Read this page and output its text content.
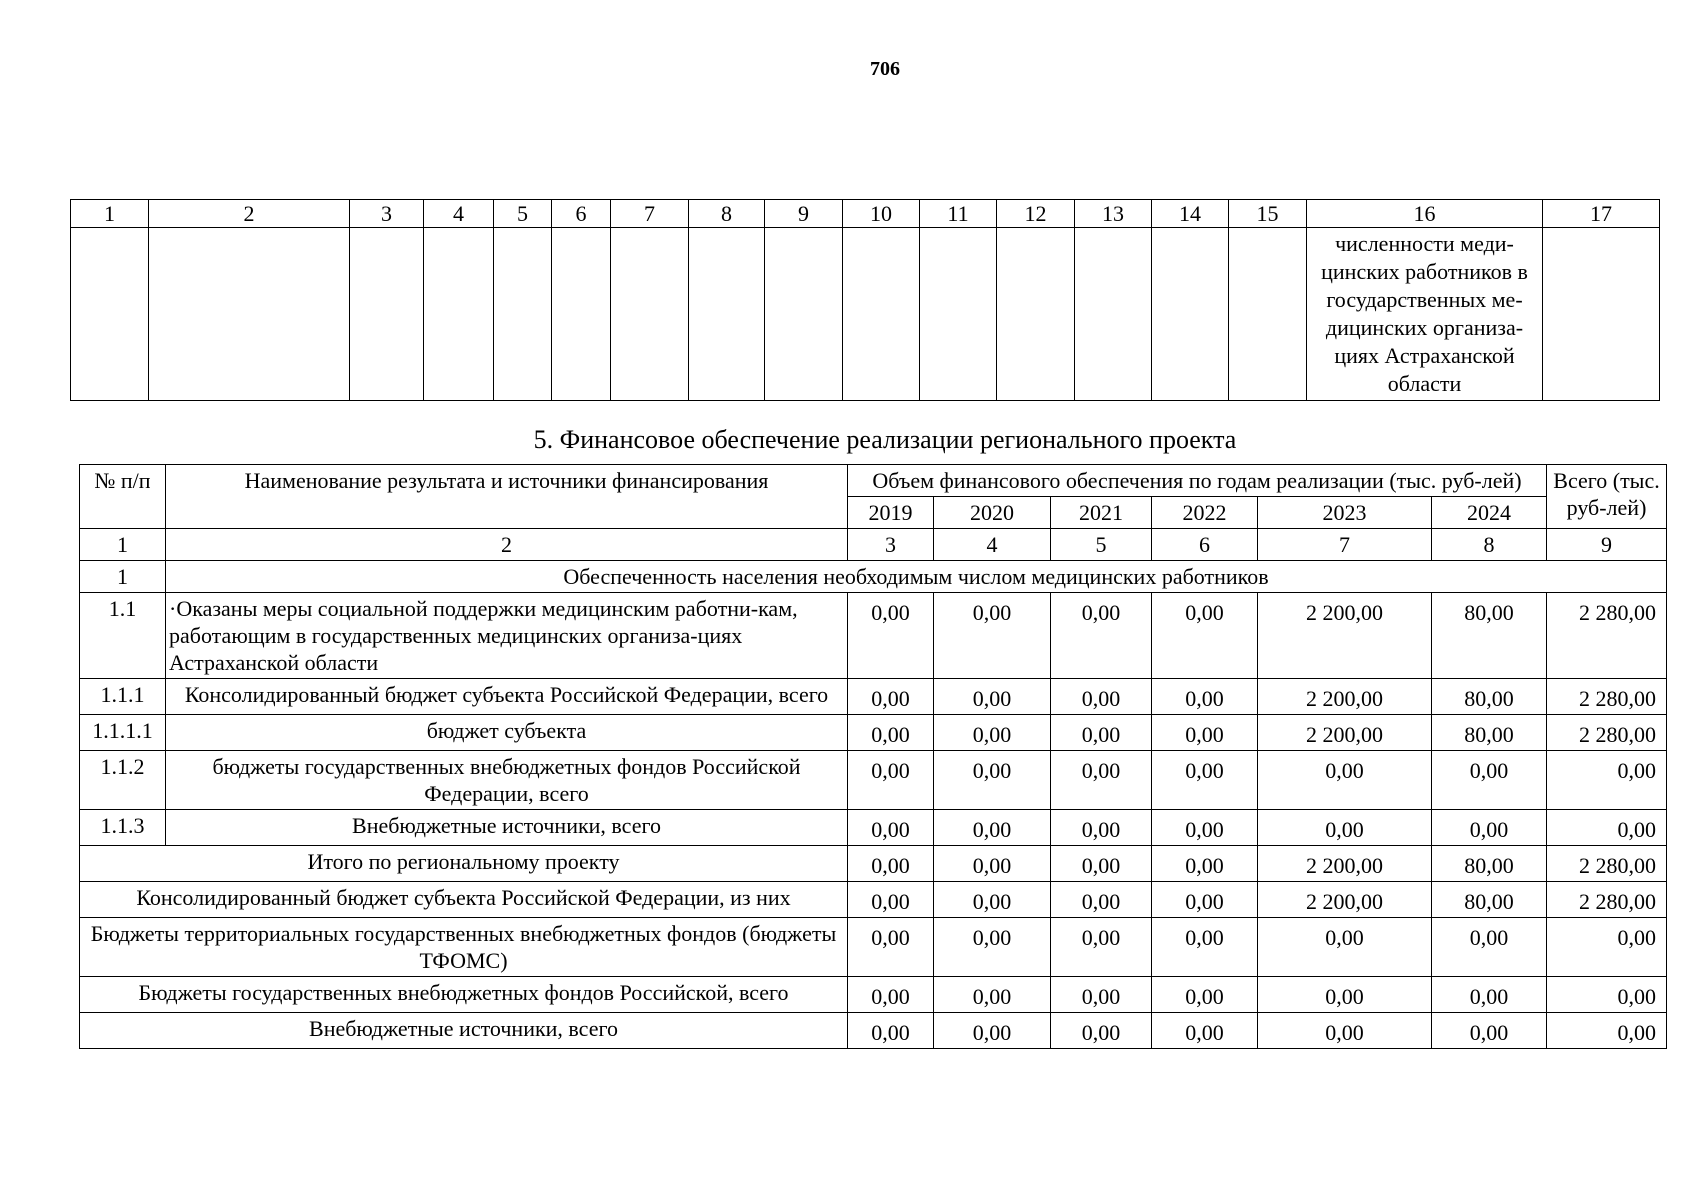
706
1	2	3	4	5	6	7	8	9	10	11	12	13	14	15	16	17
															численности меди-цинских работников в государственных ме-дицинских организа-циях Астраханской области	
5. Финансовое обеспечение реализации регионального проекта
№ п/п	Наименование результата и источники финансирования	Объем финансового обеспечения по годам реализации (тыс. руб-лей)						Всего (тыс. руб-лей)
		2019	2020	2021	2022	2023	2024	
1	2	3	4	5	6	7	8	9
1	Обеспеченность населения необходимым числом медицинских работников							
1.1	·Оказаны меры социальной поддержки медицинским работни-кам, работающим в государственных медицинских организа-циях Астраханской области	0,00	0,00	0,00	0,00	2 200,00	80,00	2 280,00
1.1.1	Консолидированный бюджет субъекта Российской Федерации, всего	0,00	0,00	0,00	0,00	2 200,00	80,00	2 280,00
1.1.1.1	бюджет субъекта	0,00	0,00	0,00	0,00	2 200,00	80,00	2 280,00
1.1.2	бюджеты государственных внебюджетных фондов Российской Федерации, всего	0,00	0,00	0,00	0,00	0,00	0,00	0,00
1.1.3	Внебюджетные источники, всего	0,00	0,00	0,00	0,00	0,00	0,00	0,00
Итого по региональному проекту		0,00	0,00	0,00	0,00	2 200,00	80,00	2 280,00
Консолидированный бюджет субъекта Российской Федерации, из них		0,00	0,00	0,00	0,00	2 200,00	80,00	2 280,00
Бюджеты территориальных государственных внебюджетных фондов (бюджеты ТФОМС)		0,00	0,00	0,00	0,00	0,00	0,00	0,00
Бюджеты государственных внебюджетных фондов Российской, всего		0,00	0,00	0,00	0,00	0,00	0,00	0,00
Внебюджетные источники, всего		0,00	0,00	0,00	0,00	0,00	0,00	0,00
